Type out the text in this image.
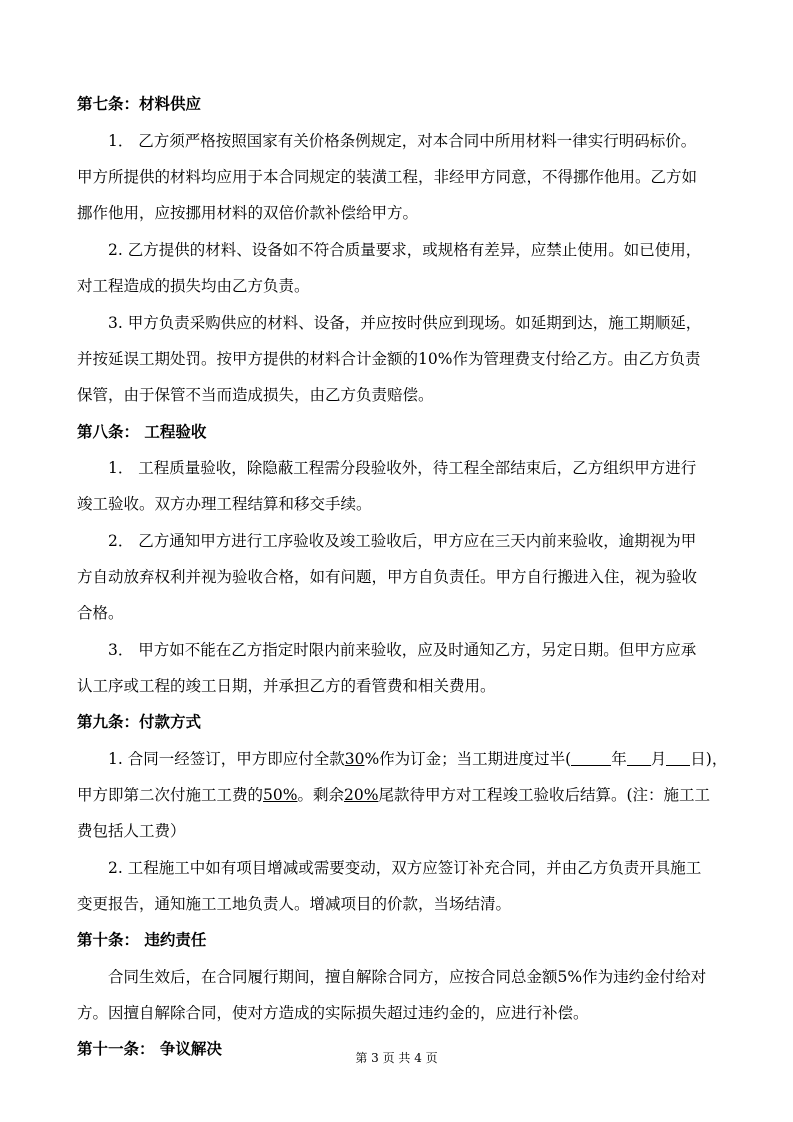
第七条：材料供应
1． 乙方须严格按照国家有关价格条例规定，对本合同中所用材料一律实行明码标价。
甲方所提供的材料均应用于本合同规定的装潢工程，非经甲方同意，不得挪作他用。乙方如
挪作他用，应按挪用材料的双倍价款补偿给甲方。
2. 乙方提供的材料、设备如不符合质量要求，或规格有差异，应禁止使用。如已使用，
对工程造成的损失均由乙方负责。
3. 甲方负责采购供应的材料、设备，并应按时供应到现场。如延期到达，施工期顺延，
并按延误工期处罚。按甲方提供的材料合计金额的10%作为管理费支付给乙方。由乙方负责
保管，由于保管不当而造成损失，由乙方负责赔偿。
第八条： 工程验收
1． 工程质量验收，除隐蔽工程需分段验收外，待工程全部结束后，乙方组织甲方进行
竣工验收。双方办理工程结算和移交手续。
2． 乙方通知甲方进行工序验收及竣工验收后，甲方应在三天内前来验收，逾期视为甲
方自动放弃权利并视为验收合格，如有问题，甲方自负责任。甲方自行搬进入住，视为验收
合格。
3． 甲方如不能在乙方指定时限内前来验收，应及时通知乙方，另定日期。但甲方应承
认工序或工程的竣工日期，并承担乙方的看管费和相关费用。
第九条：付款方式
1. 合同一经签订，甲方即应付全款30%作为订金；当工期进度过半(	年 月 日)，
甲方即第二次付施工工费的50%。剩余20%尾款待甲方对工程竣工验收后结算。(注：施工工
费包括人工费）
2. 工程施工中如有项目增减或需要变动，双方应签订补充合同，并由乙方负责开具施工
变更报告，通知施工工地负责人。增减项目的价款，当场结清。
第十条： 违约责任
合同生效后，在合同履行期间，擅自解除合同方，应按合同总金额5%作为违约金付给对
方。因擅自解除合同，使对方造成的实际损失超过违约金的，应进行补偿。
第十一条： 争议解决	第 3 页 共 4 页
